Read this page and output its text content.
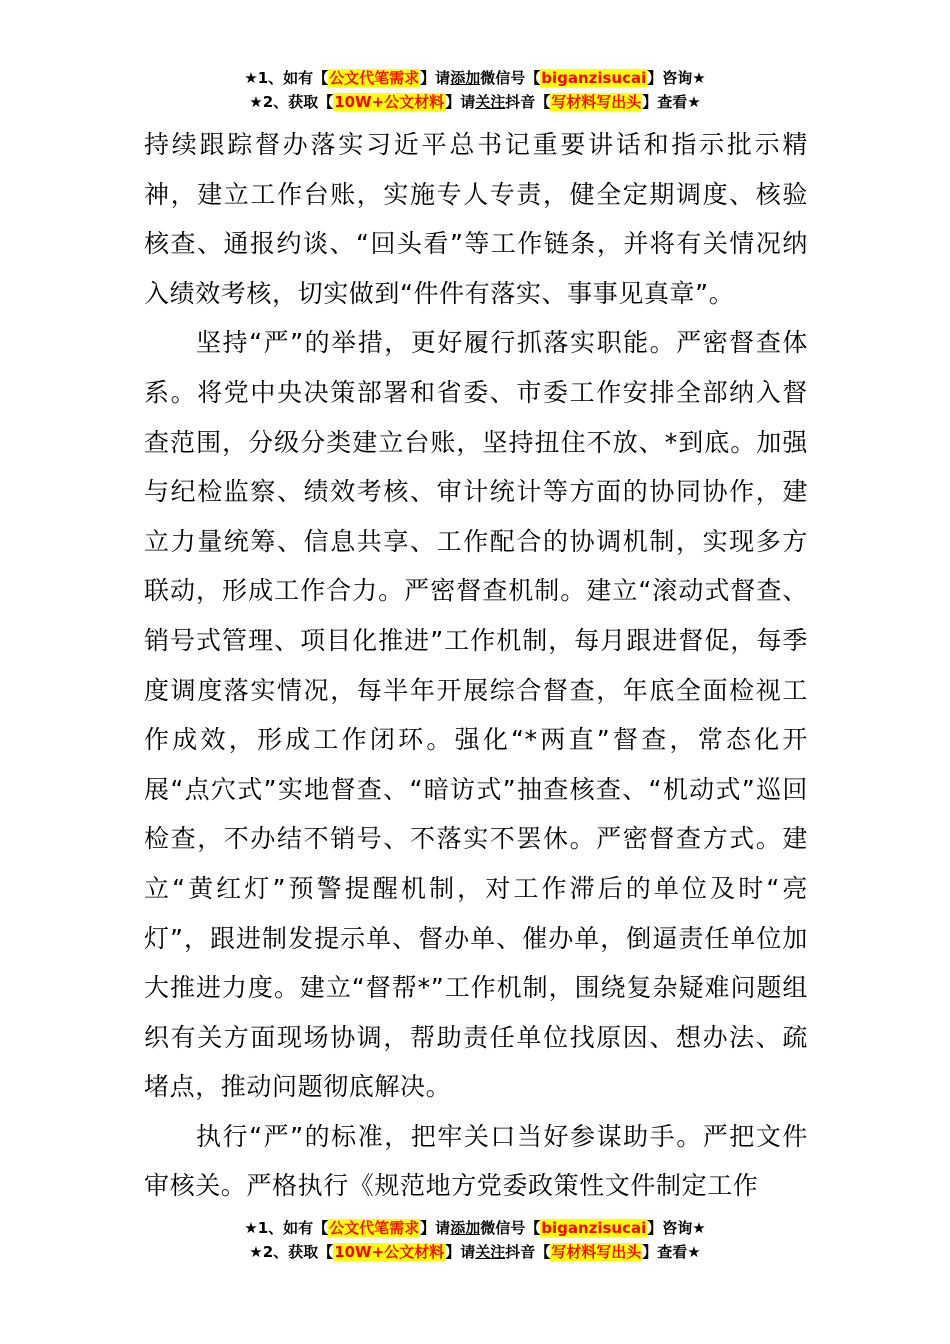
★1、如有【公文代笔需求】请添加微信号【biganzisucai】咨询★
★2、获取【10W+公文材料】请关注抖音【写材料写出头】查看★

持续跟踪督办落实习近平总书记重要讲话和指示批示精神，建立工作台账，实施专人专责，健全定期调度、核验核查、通报约谈、“回头看”等工作链条，并将有关情况纳入绩效考核，切实做到“件件有落实、事事见真章”。

坚持“严”的举措，更好履行抓落实职能。严密督查体系。将党中央决策部署和省委、市委工作安排全部纳入督查范围，分级分类建立台账，坚持扭住不放、*到底。加强与纪检监察、绩效考核、审计统计等方面的协同协作，建立力量统筹、信息共享、工作配合的协调机制，实现多方联动，形成工作合力。严密督查机制。建立“滚动式督查、销号式管理、项目化推进”工作机制，每月跟进督促，每季度调度落实情况，每半年开展综合督查，年底全面检视工作成效，形成工作闭环。强化“*两直”督查，常态化开展“点穴式”实地督查、“暗访式”抽查核查、“机动式”巡回检查，不办结不销号、不落实不罢休。严密督查方式。建立“黄红灯”预警提醒机制，对工作滞后的单位及时“亮灯”，跟进制发提示单、督办单、催办单，倒逼责任单位加大推进力度。建立“督帮*”工作机制，围绕复杂疑难问题组织有关方面现场协调，帮助责任单位找原因、想办法、疏堵点，推动问题彻底解决。

执行“严”的标准，把牢关口当好参谋助手。严把文件审核关。严格执行《规范地方党委政策性文件制定工作

★1、如有【公文代笔需求】请添加微信号【biganzisucai】咨询★
★2、获取【10W+公文材料】请关注抖音【写材料写出头】查看★
